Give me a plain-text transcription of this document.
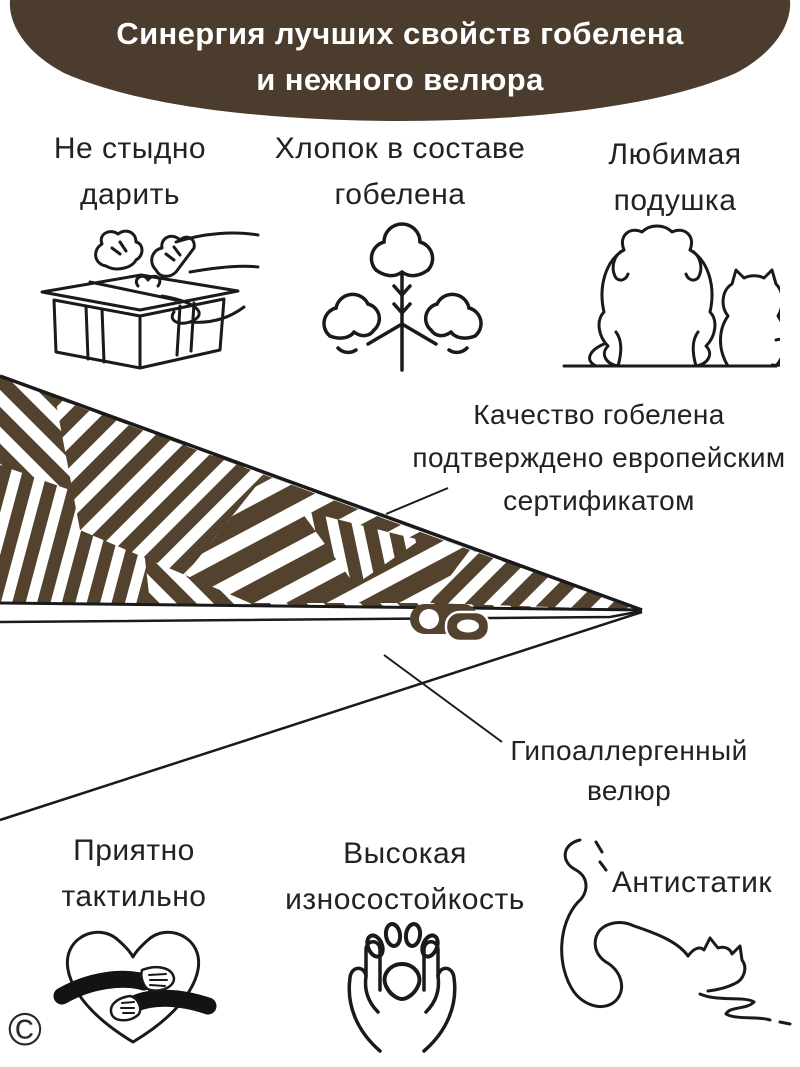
Синергия лучших свойств гобелена
и нежного велюра
Не стыдно
дарить
Хлопок в составе
гобелена
Любимая
подушка
Качество гобелена
подтверждено европейским
сертификатом
Гипоаллергенный
велюр
Приятно
тактильно
Высокая
износостойкость
Антистатик
©
